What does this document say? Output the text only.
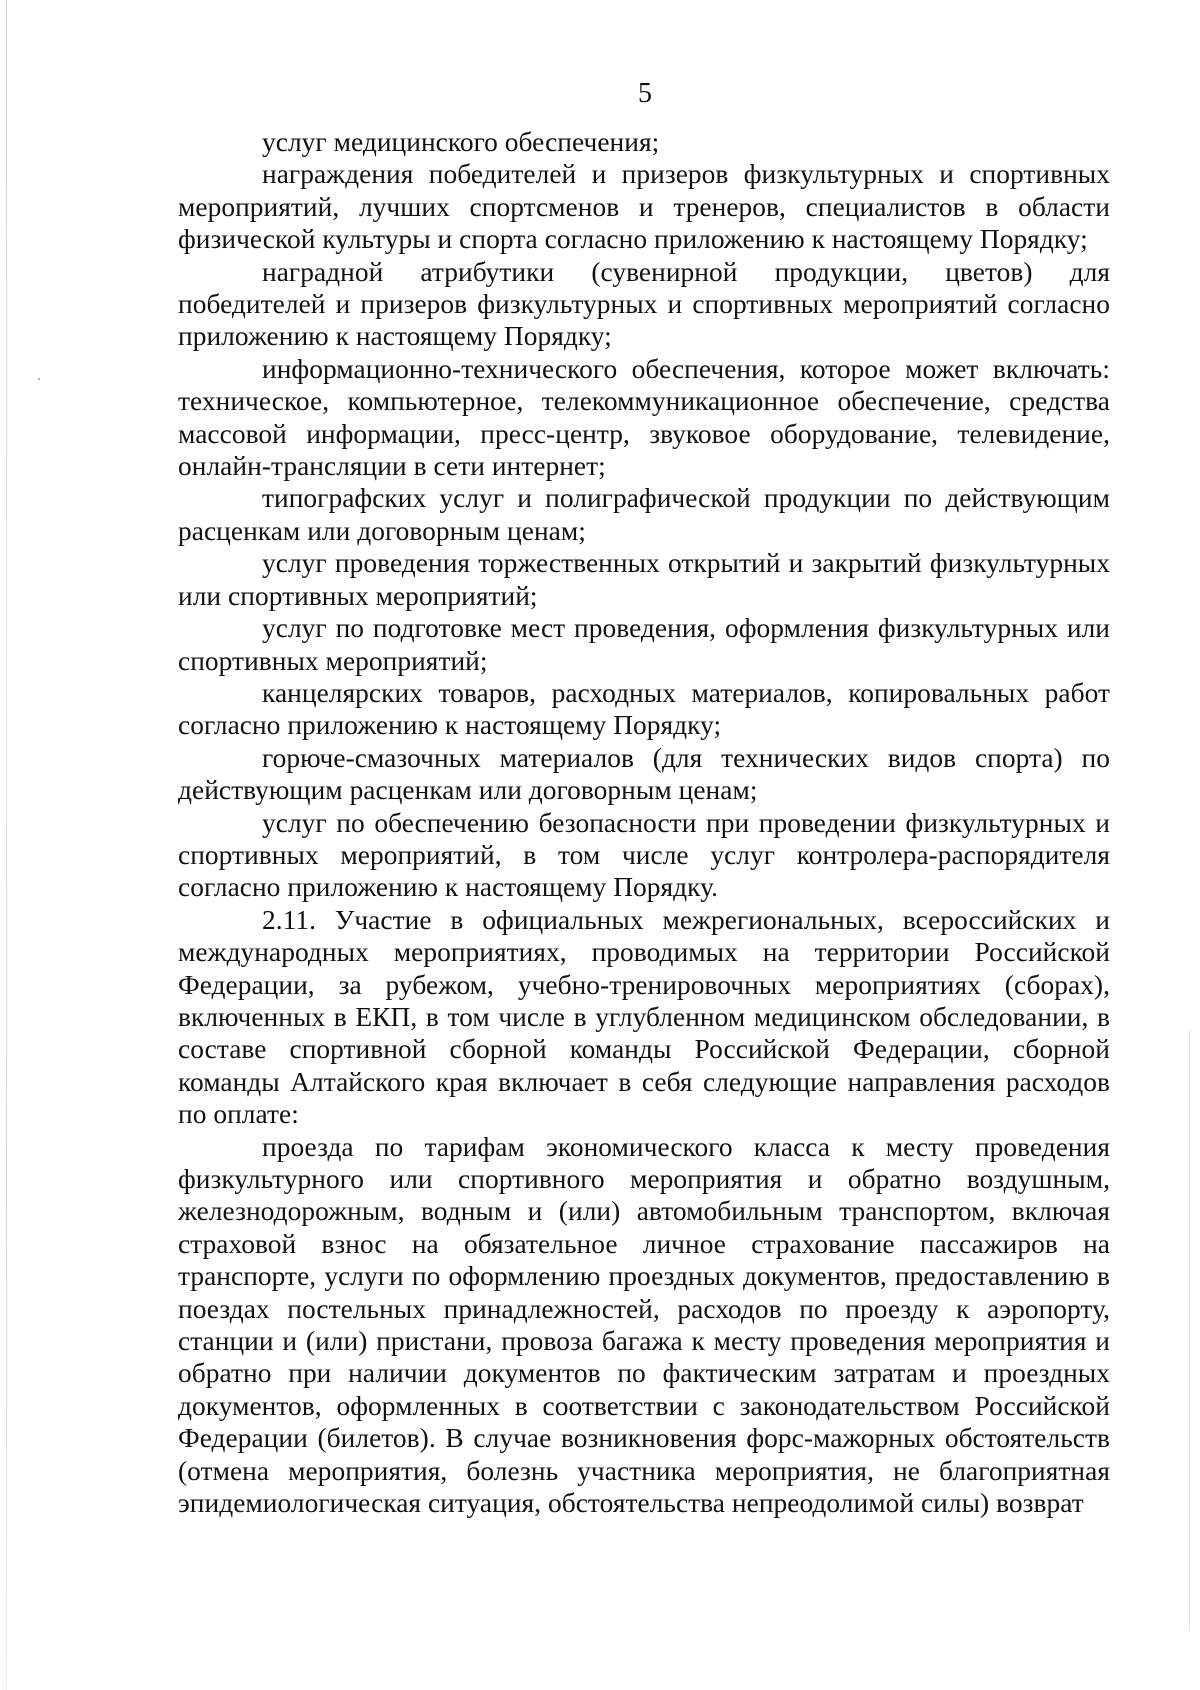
5

услуг медицинского обеспечения;

награждения победителей и призеров физкультурных и спортивных мероприятий, лучших спортсменов и тренеров, специалистов в области физической культуры и спорта согласно приложению к настоящему Порядку;

наградной атрибутики (сувенирной продукции, цветов) для победителей и призеров физкультурных и спортивных мероприятий согласно приложению к настоящему Порядку;

информационно-технического обеспечения, которое может включать: техническое, компьютерное, телекоммуникационное обеспечение, средства массовой информации, пресс-центр, звуковое оборудование, телевидение, онлайн-трансляции в сети интернет;

типографских услуг и полиграфической продукции по действующим расценкам или договорным ценам;

услуг проведения торжественных открытий и закрытий физкультурных или спортивных мероприятий;

услуг по подготовке мест проведения, оформления физкультурных или спортивных мероприятий;

канцелярских товаров, расходных материалов, копировальных работ согласно приложению к настоящему Порядку;

горюче-смазочных материалов (для технических видов спорта) по действующим расценкам или договорным ценам;

услуг по обеспечению безопасности при проведении физкультурных и спортивных мероприятий, в том числе услуг контролера-распорядителя согласно приложению к настоящему Порядку.

2.11. Участие в официальных межрегиональных, всероссийских и международных мероприятиях, проводимых на территории Российской Федерации, за рубежом, учебно-тренировочных мероприятиях (сборах), включенных в ЕКП, в том числе в углубленном медицинском обследовании, в составе спортивной сборной команды Российской Федерации, сборной команды Алтайского края включает в себя следующие направления расходов по оплате:

проезда по тарифам экономического класса к месту проведения физкультурного или спортивного мероприятия и обратно воздушным, железнодорожным, водным и (или) автомобильным транспортом, включая страховой взнос на обязательное личное страхование пассажиров на транспорте, услуги по оформлению проездных документов, предоставлению в поездах постельных принадлежностей, расходов по проезду к аэропорту, станции и (или) пристани, провоза багажа к месту проведения мероприятия и обратно при наличии документов по фактическим затратам и проездных документов, оформленных в соответствии с законодательством Российской Федерации (билетов). В случае возникновения форс-мажорных обстоятельств (отмена мероприятия, болезнь участника мероприятия, не благоприятная эпидемиологическая ситуация, обстоятельства непреодолимой силы) возврат
